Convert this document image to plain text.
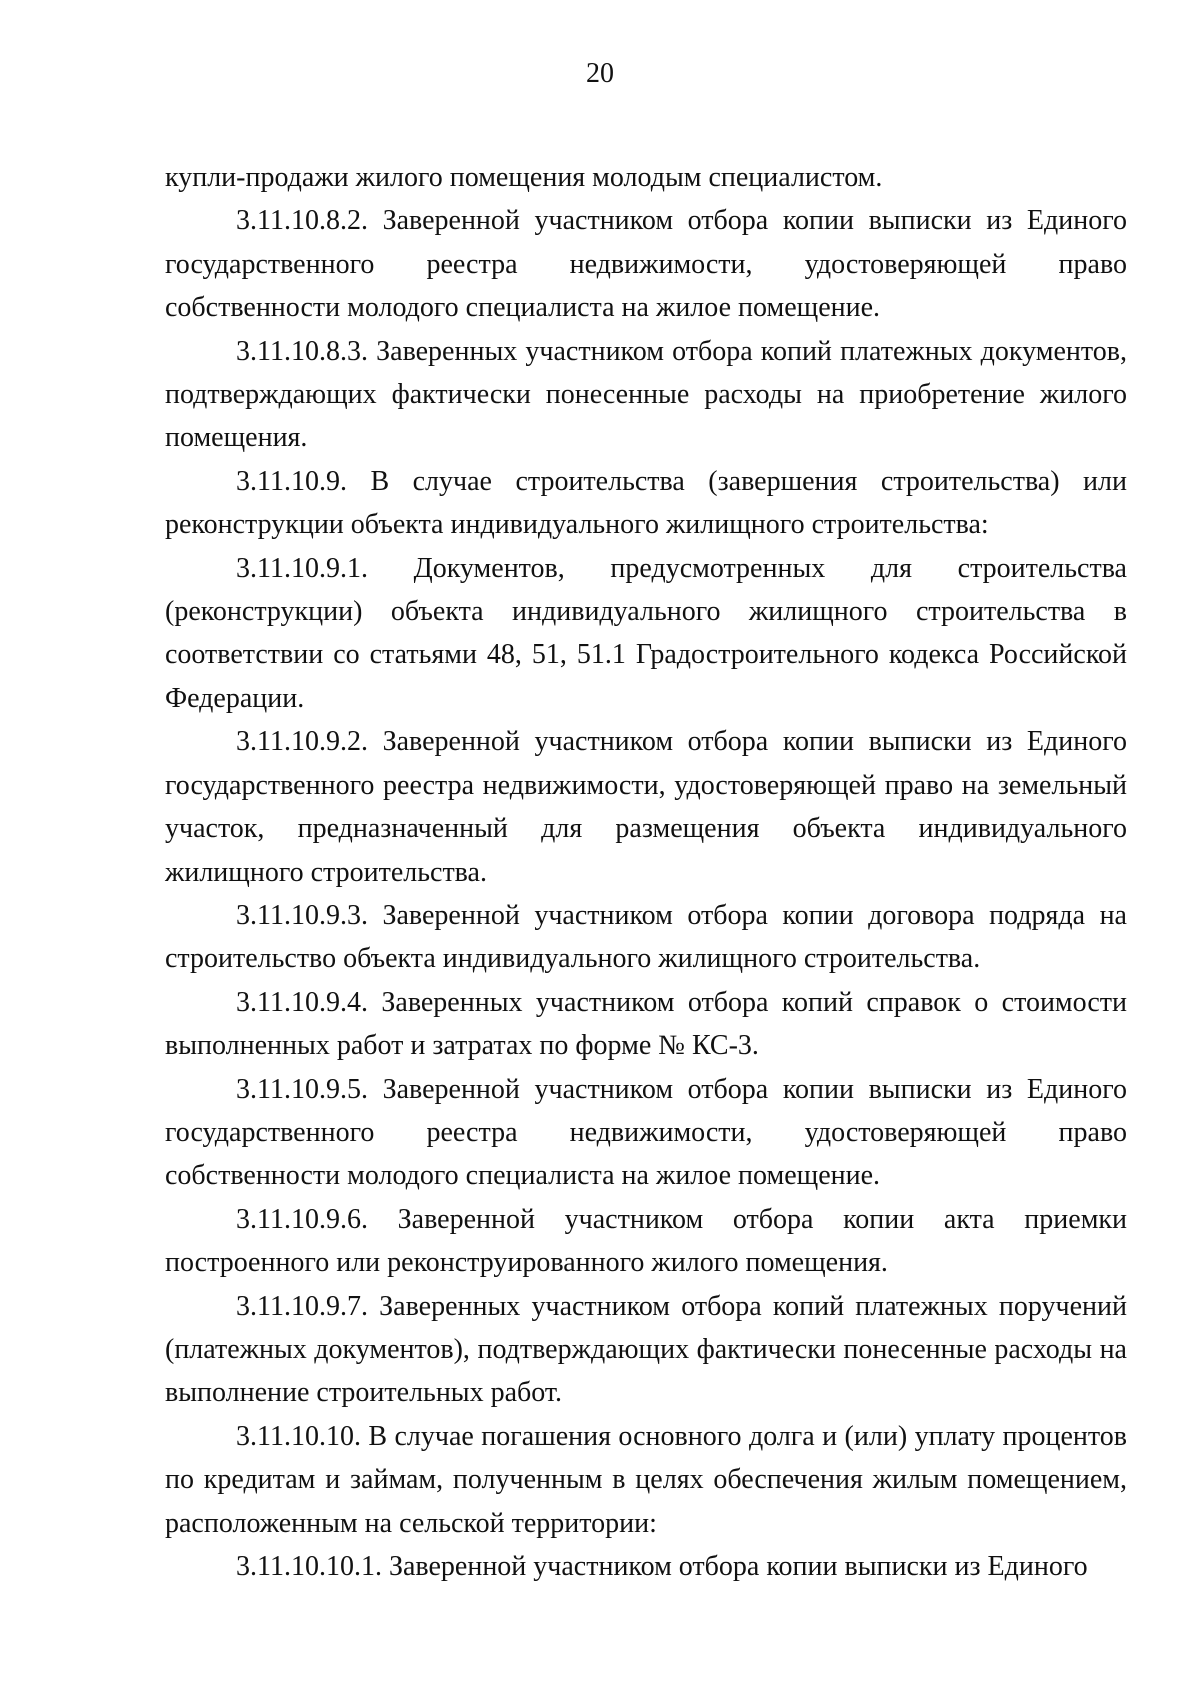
20

купли-продажи жилого помещения молодым специалистом.

3.11.10.8.2. Заверенной участником отбора копии выписки из Единого государственного реестра недвижимости, удостоверяющей право собственности молодого специалиста на жилое помещение.

3.11.10.8.3. Заверенных участником отбора копий платежных документов, подтверждающих фактически понесенные расходы на приобретение жилого помещения.

3.11.10.9. В случае строительства (завершения строительства) или реконструкции объекта индивидуального жилищного строительства:

3.11.10.9.1. Документов, предусмотренных для строительства (реконструкции) объекта индивидуального жилищного строительства в соответствии со статьями 48, 51, 51.1 Градостроительного кодекса Российской Федерации.

3.11.10.9.2. Заверенной участником отбора копии выписки из Единого государственного реестра недвижимости, удостоверяющей право на земельный участок, предназначенный для размещения объекта индивидуального жилищного строительства.

3.11.10.9.3. Заверенной участником отбора копии договора подряда на строительство объекта индивидуального жилищного строительства.

3.11.10.9.4. Заверенных участником отбора копий справок о стоимости выполненных работ и затратах по форме № КС-3.

3.11.10.9.5. Заверенной участником отбора копии выписки из Единого государственного реестра недвижимости, удостоверяющей право собственности молодого специалиста на жилое помещение.

3.11.10.9.6. Заверенной участником отбора копии акта приемки построенного или реконструированного жилого помещения.

3.11.10.9.7. Заверенных участником отбора копий платежных поручений (платежных документов), подтверждающих фактически понесенные расходы на выполнение строительных работ.

3.11.10.10. В случае погашения основного долга и (или) уплату процентов по кредитам и займам, полученным в целях обеспечения жилым помещением, расположенным на сельской территории:

3.11.10.10.1. Заверенной участником отбора копии выписки из Единого
